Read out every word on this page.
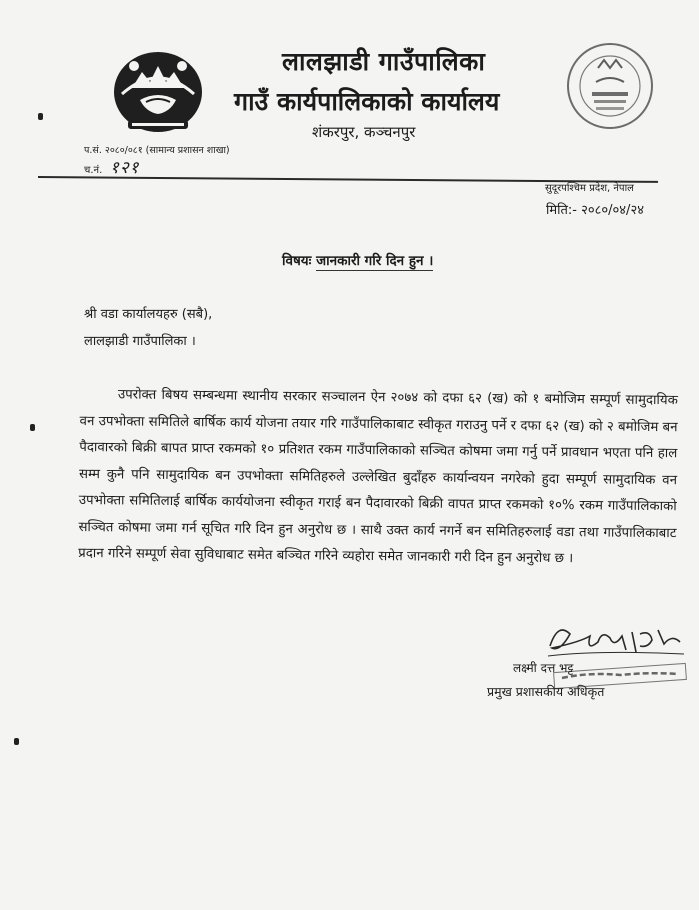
लालझाडी गाउँपालिका
गाउँ कार्यपालिकाको कार्यालय
शंकरपुर, कञ्चनपुर
प.सं. २०८०/०८१ (सामान्य प्रशासन शाखा)
च.नं. १२१
सुदूरपश्चिम प्रदेश, नेपाल
मिति:- २०८०/०४/२४
विषयः जानकारी गरि दिन हुन ।
श्री वडा कार्यालयहरु (सबै),
लालझाडी गाउँपालिका ।

उपरोक्त बिषय सम्बन्धमा स्थानीय सरकार सञ्चालन ऐन २०७४ को दफा ६२ (ख) को १ बमोजिम सम्पूर्ण सामुदायिक वन उपभोक्ता समितिले बार्षिक कार्य योजना तयार गरि गाउँपालिकाबाट स्वीकृत गराउनु पर्ने र दफा ६२ (ख) को २ बमोजिम बन पैदावारको बिक्री बापत प्राप्त रकमको १० प्रतिशत रकम गाउँपालिकाको सञ्चित कोषमा जमा गर्नु पर्ने प्रावधान भएता पनि हाल सम्म कुनै पनि सामुदायिक बन उपभोक्ता समितिहरुले उल्लेखित बुदाँहरु कार्यान्वयन नगरेको हुदा सम्पूर्ण सामुदायिक वन उपभोक्ता समितिलाई बार्षिक कार्ययोजना स्वीकृत गराई बन पैदावारको बिक्री वापत प्राप्त रकमको १०% रकम गाउँपालिकाको सञ्चित कोषमा जमा गर्न सूचित गरि दिन हुन अनुरोध छ । साथै उक्त कार्य नगर्ने बन समितिहरुलाई वडा तथा गाउँपालिकाबाट प्रदान गरिने सम्पूर्ण सेवा सुविधाबाट समेत बञ्चित गरिने व्यहोरा समेत जानकारी गरी दिन हुन अनुरोध छ ।

लक्ष्मी दत्त भट्ट
प्रमुख प्रशासकीय अधिकृत
